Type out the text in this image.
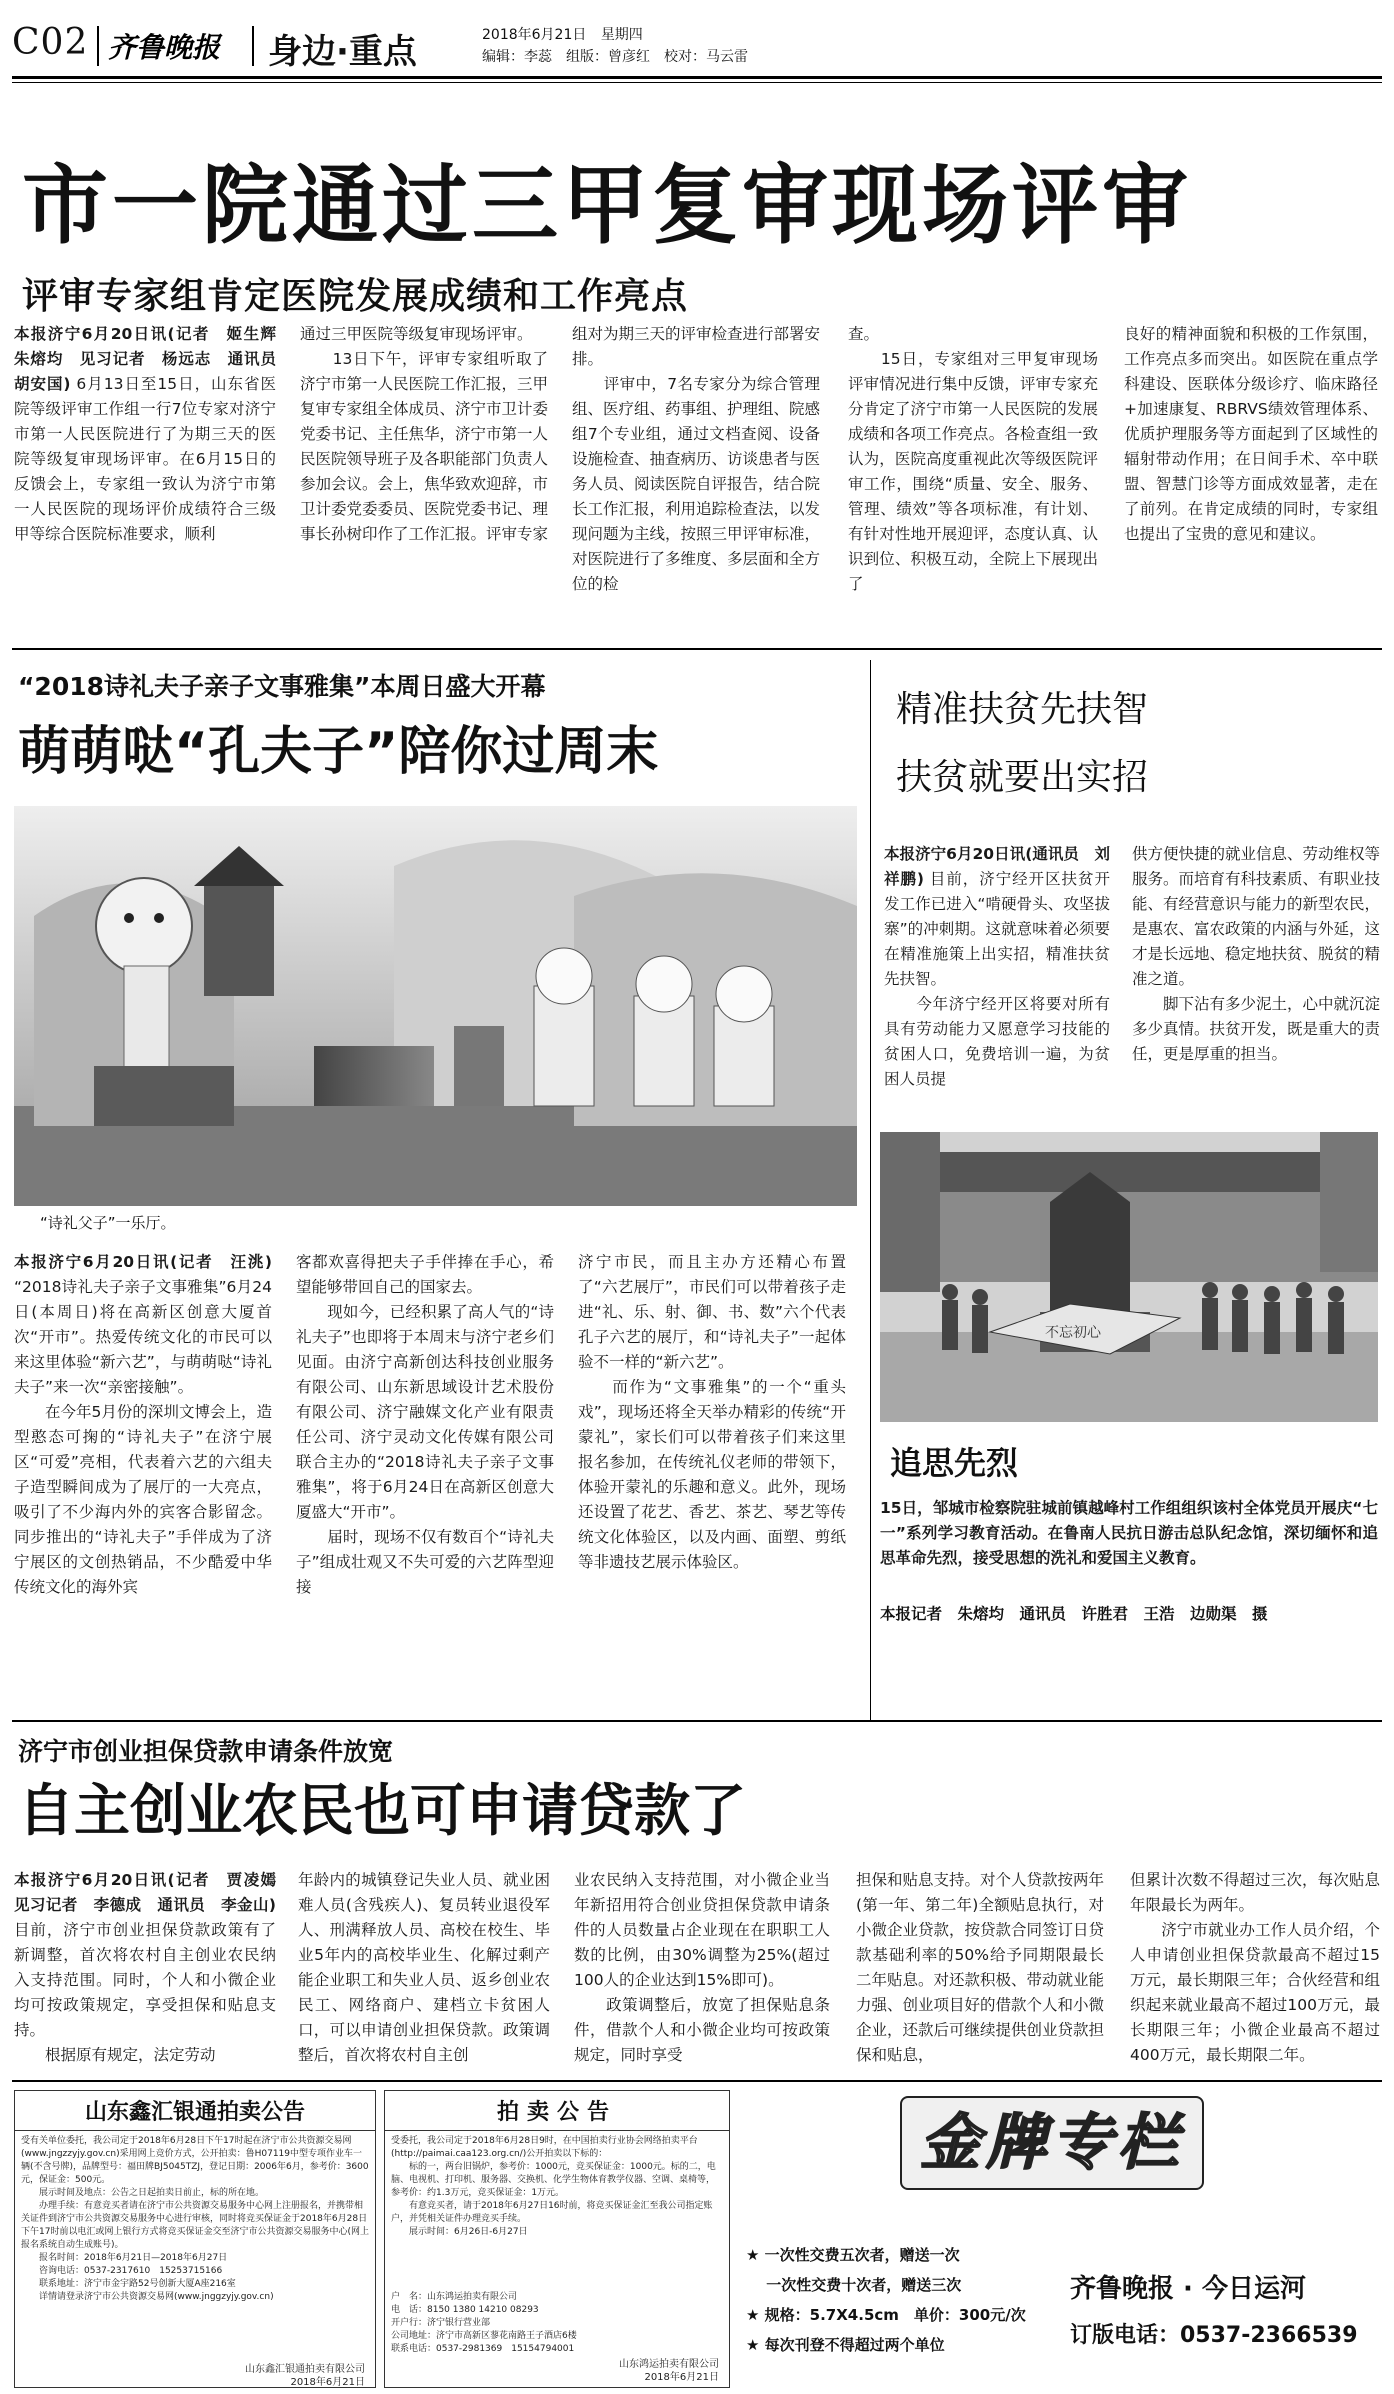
C02 齐鲁晚报 身边·重点	2018年6月21日 星期四
编辑：李蕊　组版：曾彦红　校对：马云雷
市一院通过三甲复审现场评审
评审专家组肯定医院发展成绩和工作亮点
本报济宁6月20日讯(记者　姬生辉　朱熔均　见习记者　杨远志　通讯员　胡安国) 6月13日至15日，山东省医院等级评审工作组一行7位专家对济宁市第一人民医院进行了为期三天的医院等级复审现场评审。在6月15日的反馈会上，专家组一致认为济宁市第一人民医院的现场评价成绩符合三级甲等综合医院标准要求，顺利
通过三甲医院等级复审现场评审。
　　13日下午，评审专家组听取了济宁市第一人民医院工作汇报，三甲复审专家组全体成员、济宁市卫计委党委书记、主任焦华，济宁市第一人民医院领导班子及各职能部门负责人参加会议。会上，焦华致欢迎辞，市卫计委党委委员、医院党委书记、理事长孙树印作了工作汇报。评审专家
组对为期三天的评审检查进行部署安排。
　　评审中，7名专家分为综合管理组、医疗组、药事组、护理组、院感组7个专业组，通过文档查阅、设备设施检查、抽查病历、访谈患者与医务人员、阅读医院自评报告，结合院长工作汇报，利用追踪检查法，以发现问题为主线，按照三甲评审标准，对医院进行了多维度、多层面和全方位的检
查。
　　15日，专家组对三甲复审现场评审情况进行集中反馈，评审专家充分肯定了济宁市第一人民医院的发展成绩和各项工作亮点。各检查组一致认为，医院高度重视此次等级医院评审工作，围绕“质量、安全、服务、管理、绩效”等各项标准，有计划、有针对性地开展迎评，态度认真、认识到位、积极互动，全院上下展现出了
良好的精神面貌和积极的工作氛围，工作亮点多而突出。如医院在重点学科建设、医联体分级诊疗、临床路径+加速康复、RBRVS绩效管理体系、优质护理服务等方面起到了区域性的辐射带动作用；在日间手术、卒中联盟、智慧门诊等方面成效显著，走在了前列。在肯定成绩的同时，专家组也提出了宝贵的意见和建议。
“2018诗礼夫子亲子文事雅集”本周日盛大开幕
萌萌哒“孔夫子”陪你过周末
“诗礼父子”一乐厅。
本报济宁6月20日讯(记者　汪洮) “2018诗礼夫子亲子文事雅集”6月24日(本周日)将在高新区创意大厦首次“开市”。热爱传统文化的市民可以来这里体验“新六艺”，与萌萌哒“诗礼夫子”来一次“亲密接触”。
　　在今年5月份的深圳文博会上，造型憨态可掬的“诗礼夫子”在济宁展区“可爱”亮相，代表着六艺的六组夫子造型瞬间成为了展厅的一大亮点，吸引了不少海内外的宾客合影留念。同步推出的“诗礼夫子”手伴成为了济宁展区的文创热销品，不少酷爱中华传统文化的海外宾
客都欢喜得把夫子手伴捧在手心，希望能够带回自己的国家去。
　　现如今，已经积累了高人气的“诗礼夫子”也即将于本周末与济宁老乡们见面。由济宁高新创达科技创业服务有限公司、山东新思域设计艺术股份有限公司、济宁融媒文化产业有限责任公司、济宁灵动文化传媒有限公司联合主办的“2018诗礼夫子亲子文事雅集”，将于6月24日在高新区创意大厦盛大“开市”。
　　届时，现场不仅有数百个“诗礼夫子”组成壮观又不失可爱的六艺阵型迎接
济宁市民，而且主办方还精心布置了“六艺展厅”，市民们可以带着孩子走进“礼、乐、射、御、书、数”六个代表孔子六艺的展厅，和“诗礼夫子”一起体验不一样的“新六艺”。
　　而作为“文事雅集”的一个“重头戏”，现场还将全天举办精彩的传统“开蒙礼”，家长们可以带着孩子们来这里报名参加，在传统礼仪老师的带领下，体验开蒙礼的乐趣和意义。此外，现场还设置了花艺、香艺、茶艺、琴艺等传统文化体验区，以及内画、面塑、剪纸等非遗技艺展示体验区。
精准扶贫先扶智
扶贫就要出实招
本报济宁6月20日讯(通讯员　刘祥鹏) 目前，济宁经开区扶贫开发工作已进入“啃硬骨头、攻坚拔寨”的冲刺期。这就意味着必须要在精准施策上出实招，精准扶贫先扶智。
　　今年济宁经开区将要对所有具有劳动能力又愿意学习技能的贫困人口，免费培训一遍，为贫困人员提
供方便快捷的就业信息、劳动维权等服务。而培育有科技素质、有职业技能、有经营意识与能力的新型农民，是惠农、富农政策的内涵与外延，这才是长远地、稳定地扶贫、脱贫的精准之道。
　　脚下沾有多少泥土，心中就沉淀多少真情。扶贫开发，既是重大的责任，更是厚重的担当。
不忘初心
追思先烈
15日，邹城市检察院驻城前镇越峰村工作组组织该村全体党员开展庆“七一”系列学习教育活动。在鲁南人民抗日游击总队纪念馆，深切缅怀和追思革命先烈，接受思想的洗礼和爱国主义教育。
本报记者　朱熔均　通讯员　许胜君　王浩　边勋渠　摄
济宁市创业担保贷款申请条件放宽
自主创业农民也可申请贷款了
本报济宁6月20日讯(记者　贾凌嫣　见习记者　李德成　通讯员　李金山) 目前，济宁市创业担保贷款政策有了新调整，首次将农村自主创业农民纳入支持范围。同时，个人和小微企业均可按政策规定，享受担保和贴息支持。
　　根据原有规定，法定劳动
年龄内的城镇登记失业人员、就业困难人员(含残疾人)、复员转业退役军人、刑满释放人员、高校在校生、毕业5年内的高校毕业生、化解过剩产能企业职工和失业人员、返乡创业农民工、网络商户、建档立卡贫困人口，可以申请创业担保贷款。政策调整后，首次将农村自主创
业农民纳入支持范围，对小微企业当年新招用符合创业贷担保贷款申请条件的人员数量占企业现在在职职工人数的比例，由30%调整为25%(超过100人的企业达到15%即可)。
　　政策调整后，放宽了担保贴息条件，借款个人和小微企业均可按政策规定，同时享受
担保和贴息支持。对个人贷款按两年(第一年、第二年)全额贴息执行，对小微企业贷款，按贷款合同签订日贷款基础利率的50%给予同期限最长二年贴息。对还款积极、带动就业能力强、创业项目好的借款个人和小微企业，还款后可继续提供创业贷款担保和贴息，
但累计次数不得超过三次，每次贴息年限最长为两年。
　　济宁市就业办工作人员介绍，个人申请创业担保贷款最高不超过15万元，最长期限三年；合伙经营和组织起来就业最高不超过100万元，最长期限三年；小微企业最高不超过400万元，最长期限二年。
山东鑫汇银通拍卖公告
受有关单位委托，我公司定于2018年6月28日下午17时起在济宁市公共资源交易网(www.jngzzyjy.gov.cn)采用网上竞价方式，公开拍卖：鲁H07119中型专项作业车一辆(不含号牌)，品牌型号：福田牌BJ5045TZJ，登记日期：2006年6月，参考价：3600元，保证金：500元。
　　展示时间及地点：公告之日起拍卖日前止，标的所在地。
　　办理手续：有意竞买者请在济宁市公共资源交易服务中心网上注册报名，并携带相关证件到济宁市公共资源交易服务中心进行审核，同时将竞买保证金于2018年6月28日下午17时前以电汇或网上银行方式将竞买保证金交至济宁市公共资源交易服务中心(网上报名系统自动生成账号)。
　　报名时间：2018年6月21日—2018年6月27日
　　咨询电话：0537-2317610　15253715166
　　联系地址：济宁市金宇路52号创新大厦A座216室
　　详情请登录济宁市公共资源交易网(www.jnggzyjy.gov.cn)
山东鑫汇银通拍卖有限公司
2018年6月21日
拍卖公告
受委托，我公司定于2018年6月28日9时，在中国拍卖行业协会网络拍卖平台(http://paimai.caa123.org.cn/)公开拍卖以下标的：
　　标的一，两台旧锅炉，参考价：1000元，竞买保证金：1000元。标的二，电脑、电视机、打印机、服务器、交换机、化学生物体育教学仪器、空调、桌椅等，参考价：约1.3万元，竞买保证金：1万元。
　　有意竞买者，请于2018年6月27日16时前，将竞买保证金汇至我公司指定账户，并凭相关证件办理竞买手续。
　　展示时间：6月26日-6月27日
户　名：山东鸿运拍卖有限公司
电　话：8150 1380 14210 08293
开户行：济宁银行营业部
公司地址：济宁市高新区蓼花南路王子酒店6楼
联系电话：0537-2981369　15154794001
山东鸿运拍卖有限公司
2018年6月21日
金牌专栏
★ 一次性交费五次者，赠送一次
　 一次性交费十次者，赠送三次
★ 规格：5.7X4.5cm　单价：300元/次
★ 每次刊登不得超过两个单位
齐鲁晚报 · 今日运河
订版电话：0537-2366539
